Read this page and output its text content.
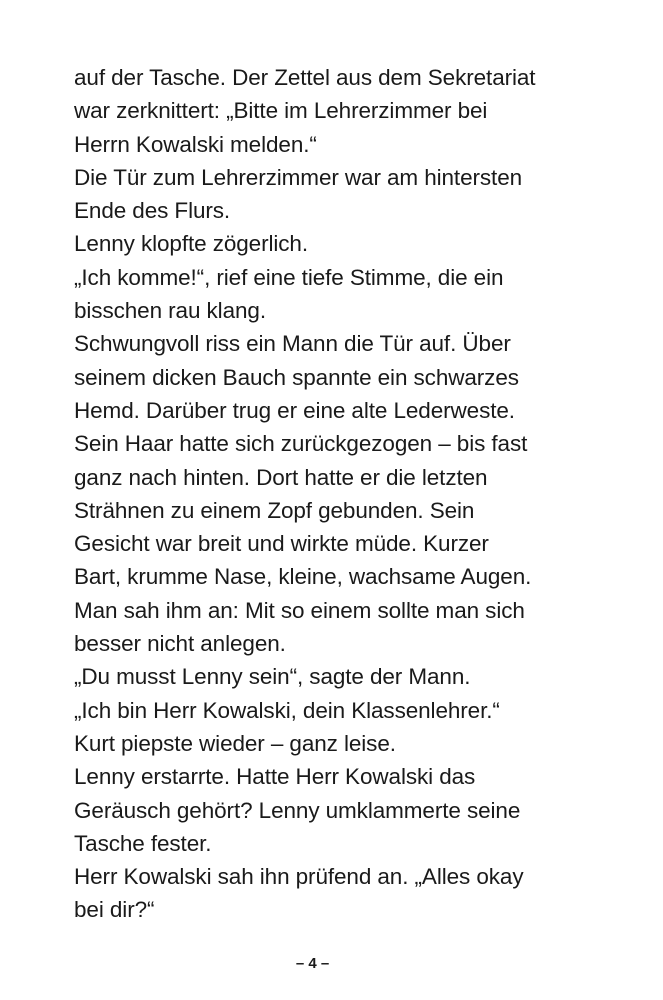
auf der Tasche. Der Zettel aus dem Sekretariat
war zerknittert: „Bitte im Lehrerzimmer bei
Herrn Kowalski melden.“
Die Tür zum Lehrerzimmer war am hintersten
Ende des Flurs.
Lenny klopfte zögerlich.
„Ich komme!“, rief eine tiefe Stimme, die ein
bisschen rau klang.
Schwungvoll riss ein Mann die Tür auf. Über
seinem dicken Bauch spannte ein schwarzes
Hemd. Darüber trug er eine alte Lederweste.
Sein Haar hatte sich zurückgezogen – bis fast
ganz nach hinten. Dort hatte er die letzten
Strähnen zu einem Zopf gebunden. Sein
Gesicht war breit und wirkte müde. Kurzer
Bart, krumme Nase, kleine, wachsame Augen.
Man sah ihm an: Mit so einem sollte man sich
besser nicht anlegen.
„Du musst Lenny sein“, sagte der Mann.
„Ich bin Herr Kowalski, dein Klassenlehrer.“
Kurt piepste wieder – ganz leise.
Lenny erstarrte. Hatte Herr Kowalski das
Geräusch gehört? Lenny umklammerte seine
Tasche fester.
Herr Kowalski sah ihn prüfend an. „Alles okay
bei dir?“
– 4 –
